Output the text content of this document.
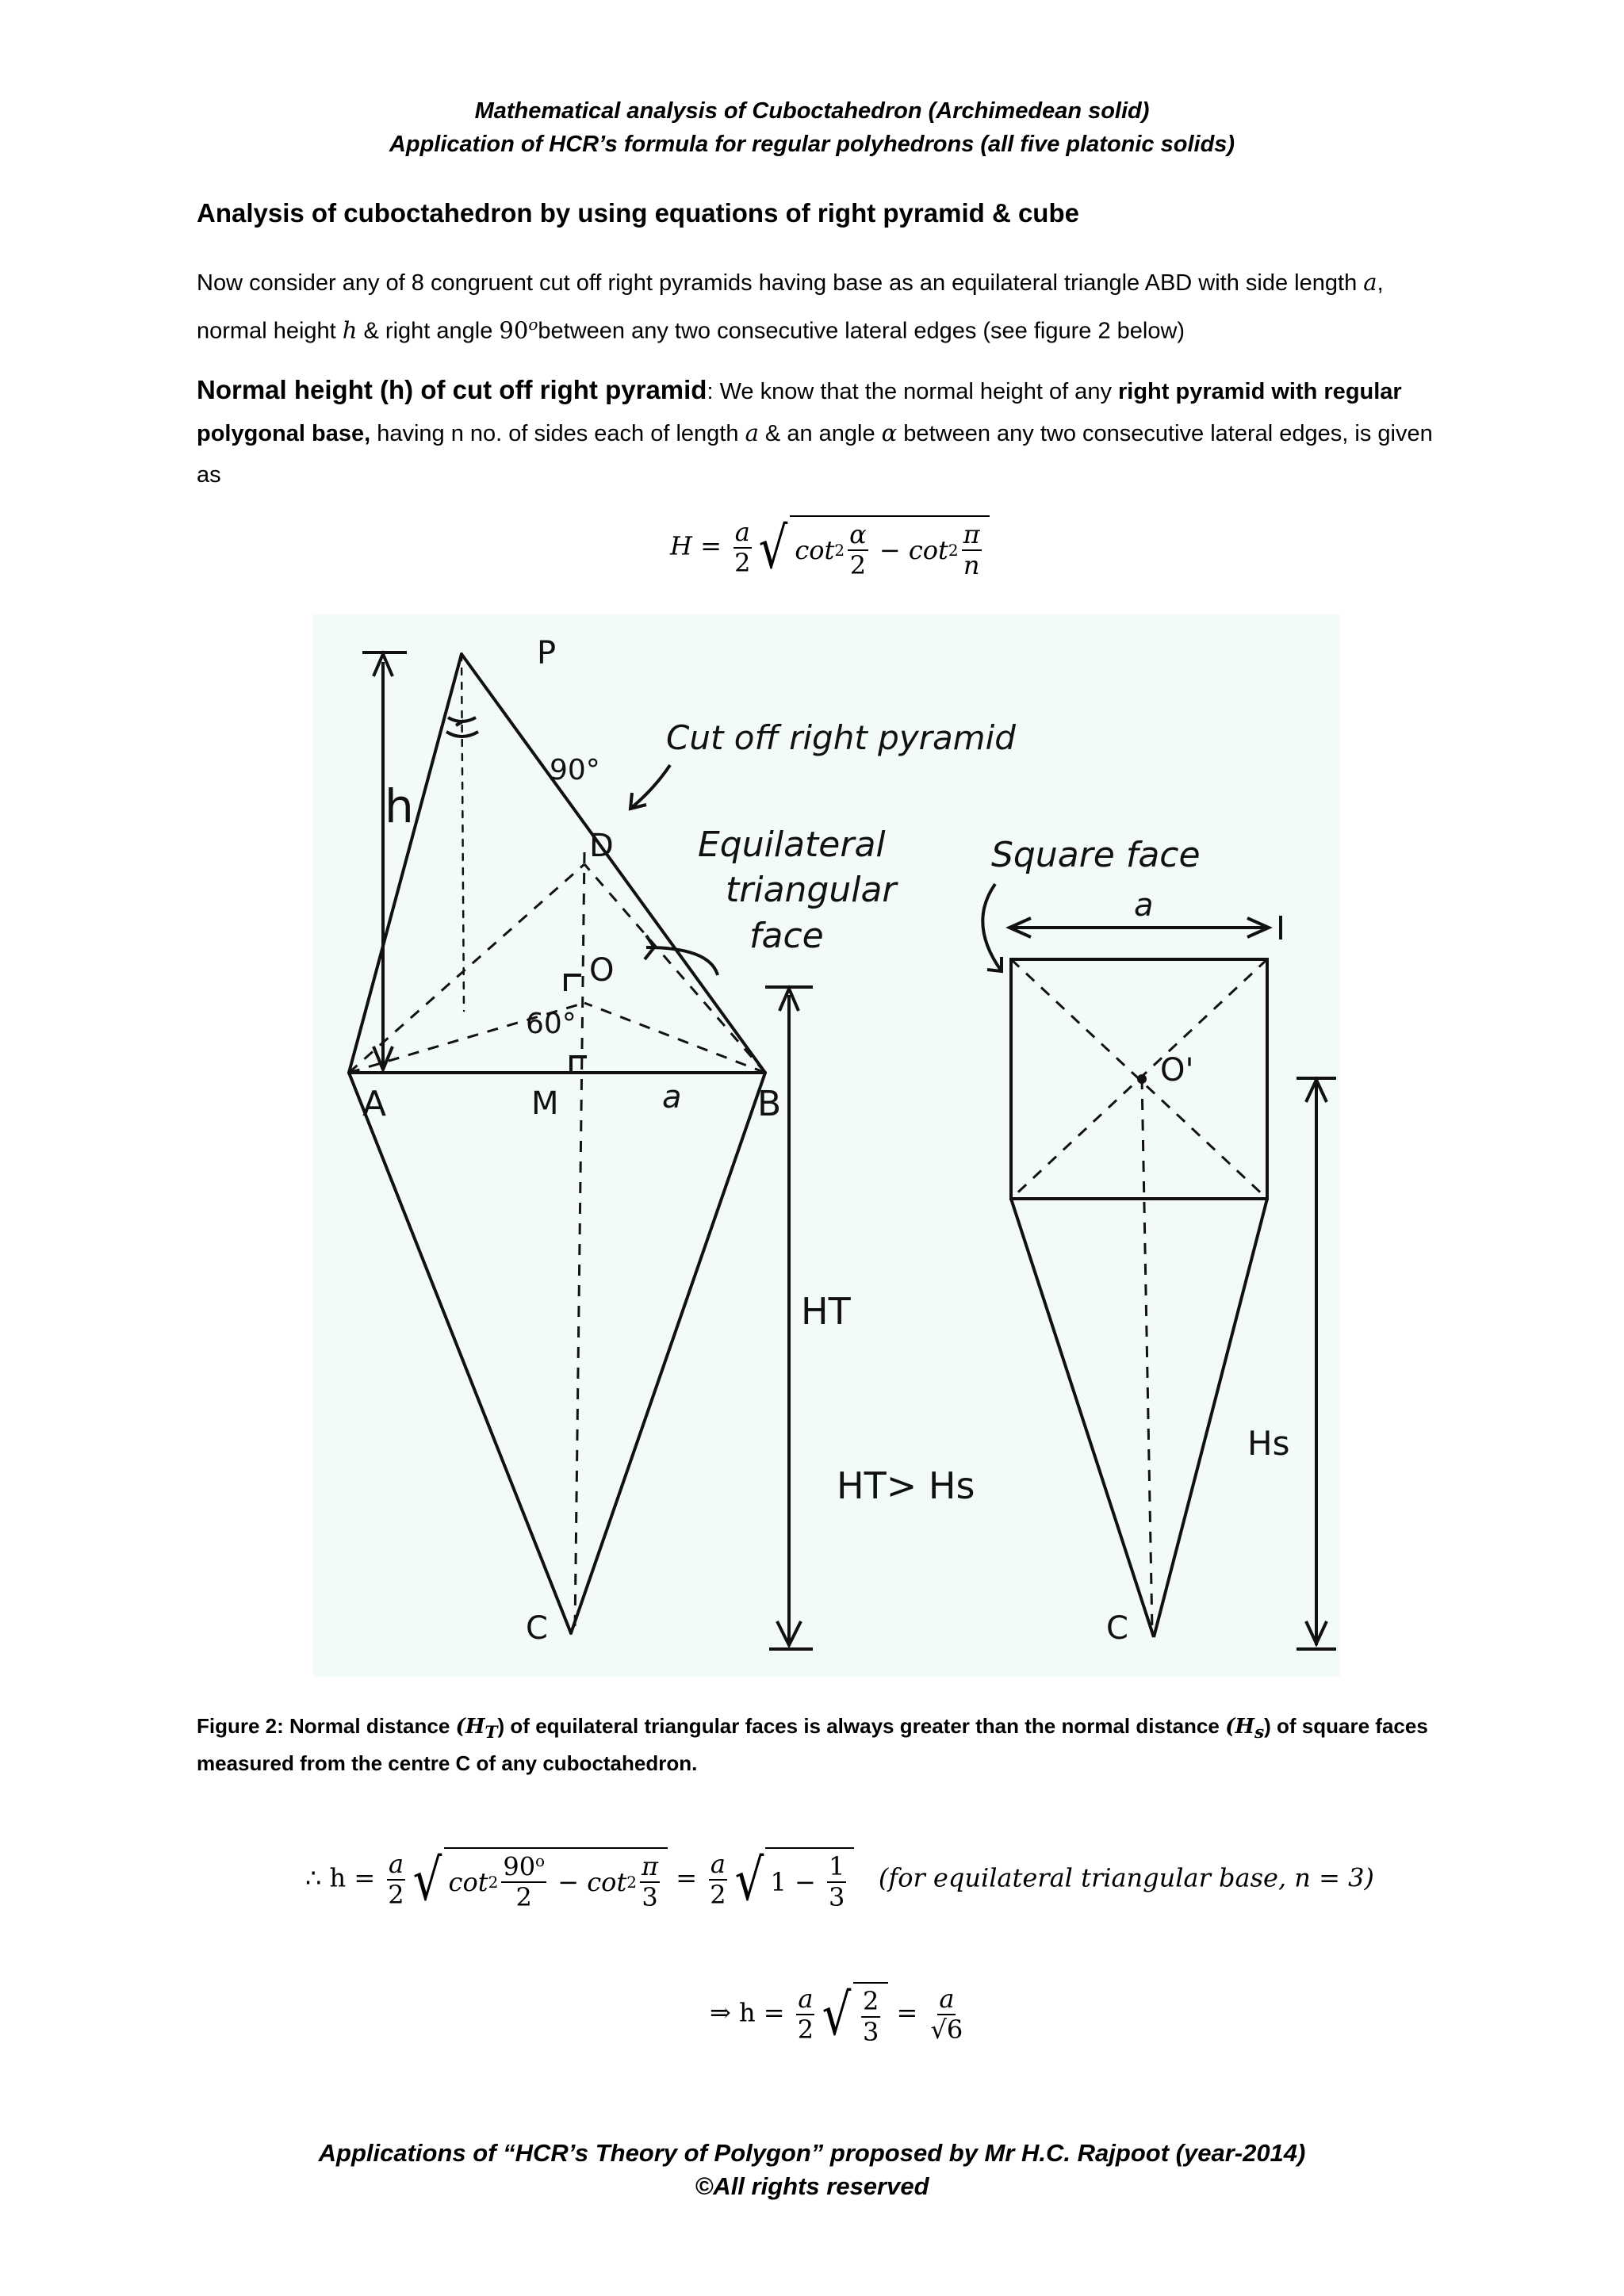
Mathematical analysis of Cuboctahedron (Archimedean solid)
Application of HCR’s formula for regular polyhedrons (all five platonic solids)
Analysis of cuboctahedron by using equations of right pyramid & cube
Now consider any of 8 congruent cut off right pyramids having base as an equilateral triangle ABD with side length a, normal height h & right angle 90$^o$between any two consecutive lateral edges (see figure 2 below)
Normal height (h) of cut off right pyramid: We know that the normal height of any right pyramid with regular polygonal base, having n no. of sides each of length a & an angle α between any two consecutive lateral edges, is given as
$H = \frac{a}{2}$ √ $\cot 2 \frac{\alpha}{2}$
−
$\cot 2 \frac{\pi}{n}$
P
h
90°
D
O
60°
A	M	a B
C
Cut off right pyramid
Equilateral
triangular
face
Square face
a
O'
HT
HT> Hs
Hs
C
Figure 2: Normal distance $(H_T)$ of equilateral triangular faces is always greater than the normal distance $(H_s)$ of square faces measured from the centre C of any cuboctahedron.
∴ $h = \frac{a}{2}$ √ $\cot 2 \frac{90^o}{2}$
−
$\cot 2 \frac{\pi}{3} = \frac{a}{2}$ √ 1
−
$\frac{1}{3} (for$ equilateral triangular base, n = 3)
⇒ $h = \frac{a}{2}$ √ $\frac{2}{3} = \frac{a}{√6}$
Applications of “HCR’s Theory of Polygon” proposed by Mr H.C. Rajpoot (year-2014)
©All rights reserved
